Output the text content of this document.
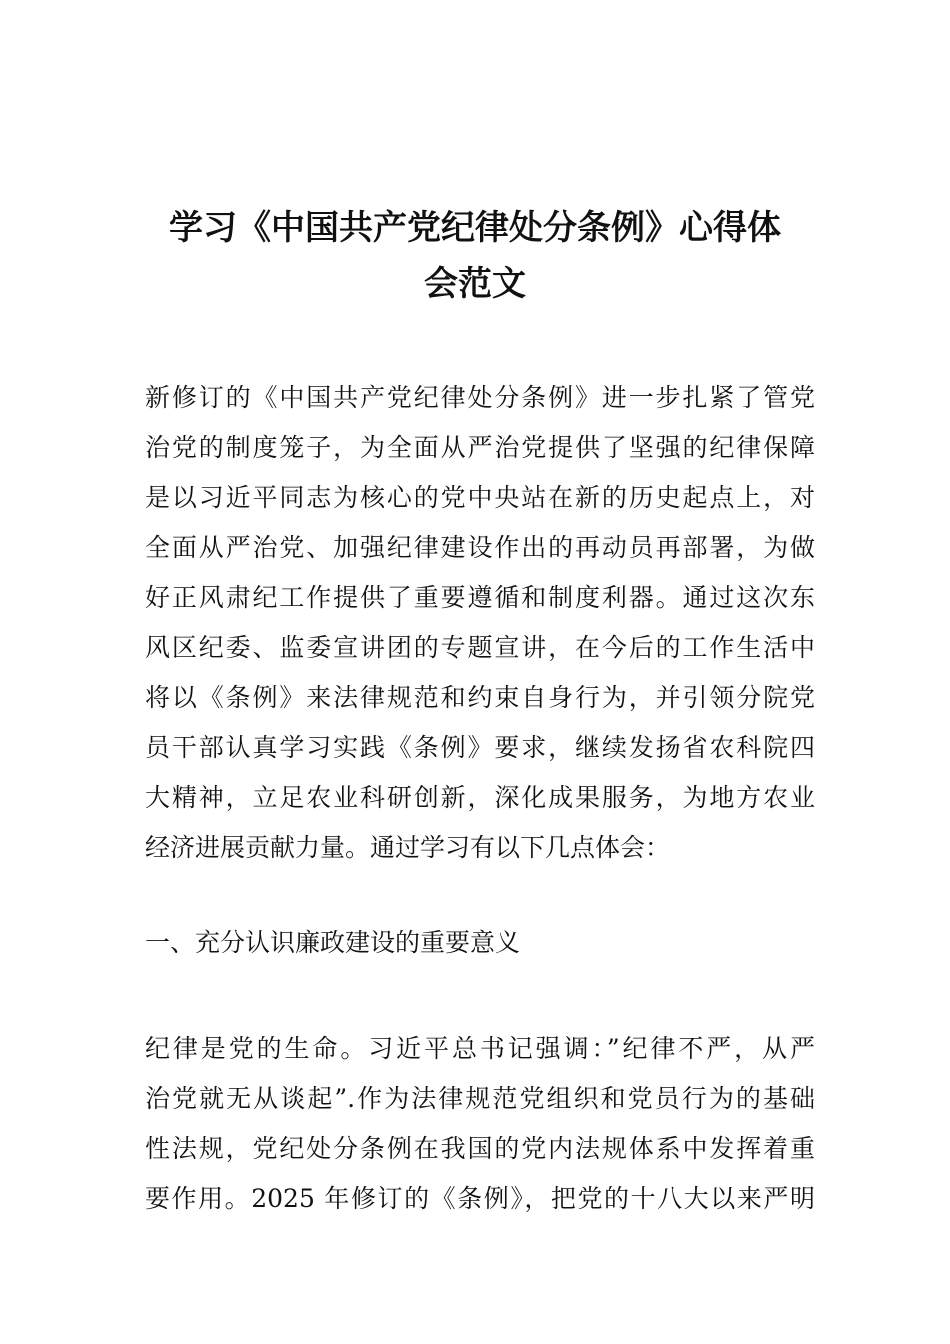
学习《中国共产党纪律处分条例》心得体
会范文
新修订的《中国共产党纪律处分条例》进一步扎紧了管党
治党的制度笼子，为全面从严治党提供了坚强的纪律保障
是以习近平同志为核心的党中央站在新的历史起点上，对
全面从严治党、加强纪律建设作出的再动员再部署，为做
好正风肃纪工作提供了重要遵循和制度利器。通过这次东
风区纪委、监委宣讲团的专题宣讲，在今后的工作生活中
将以《条例》来法律规范和约束自身行为，并引领分院党
员干部认真学习实践《条例》要求，继续发扬省农科院四
大精神，立足农业科研创新，深化成果服务，为地方农业
经济进展贡献力量。通过学习有以下几点体会：
一、充分认识廉政建设的重要意义
纪律是党的生命。习近平总书记强调：”纪律不严，从严
治党就无从谈起”.作为法律规范党组织和党员行为的基础
性法规，党纪处分条例在我国的党内法规体系中发挥着重
要作用。2025 年修订的《条例》，把党的十八大以来严明
